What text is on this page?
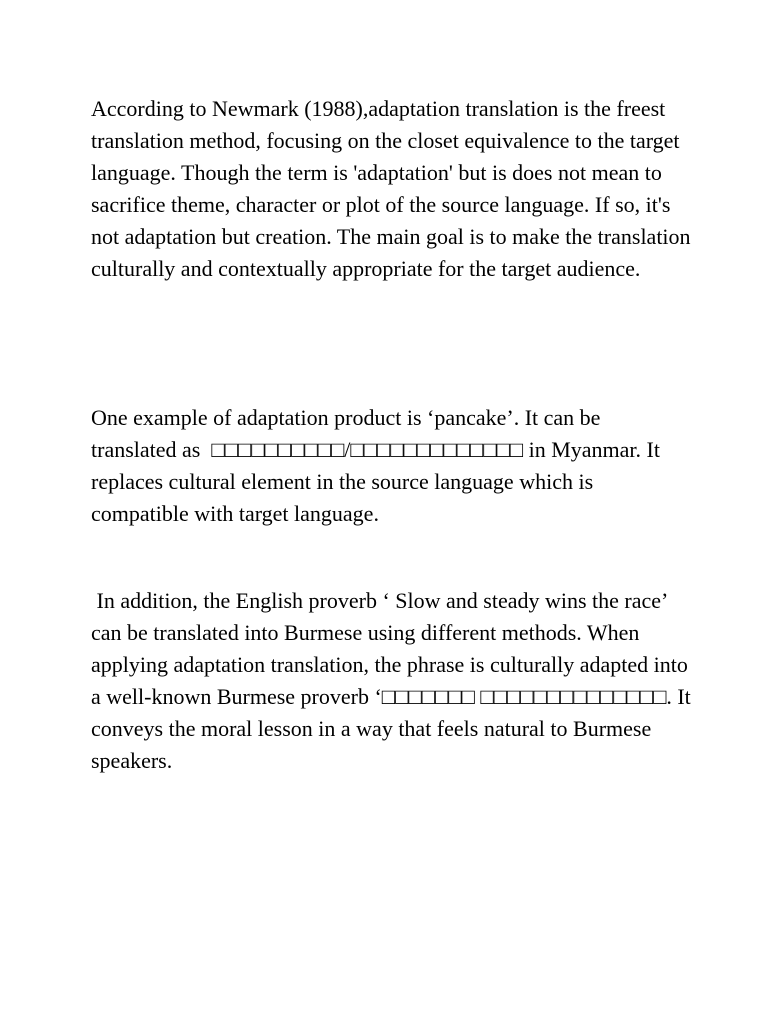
According to Newmark (1988),adaptation translation is the freest translation method, focusing on the closet equivalence to the target language. Though the term is 'adaptation' but is does not mean to sacrifice theme, character or plot of the source language. If so, it's not adaptation but creation. The main goal is to make the translation culturally and contextually appropriate for the target audience.

One example of adaptation product is ‘pancake’. It can be translated as  □□□□□□□□□□/□□□□□□□□□□□□□ in Myanmar. It replaces cultural element in the source language which is compatible with target language.

In addition, the English proverb ‘ Slow and steady wins the race’ can be translated into Burmese using different methods. When applying adaptation translation, the phrase is culturally adapted into a well-known Burmese proverb ‘□□□□□□□ □□□□□□□□□□□□□□. It conveys the moral lesson in a way that feels natural to Burmese speakers.
